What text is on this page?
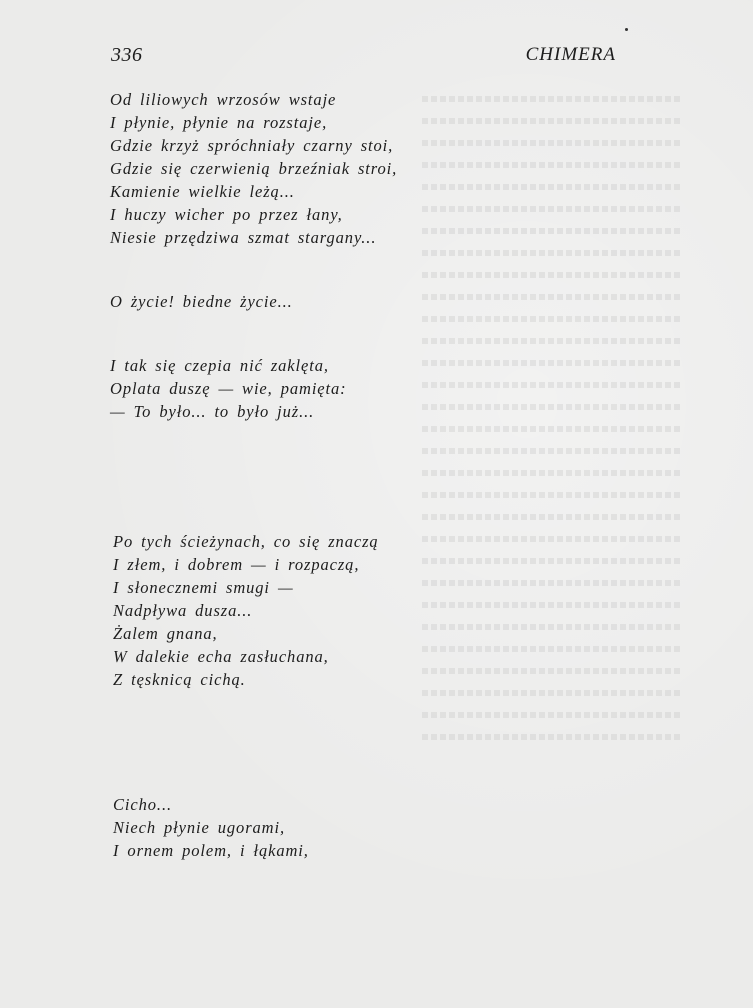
336	CHIMERA
Od liliowych wrzosów wstaje
I płynie, płynie na rozstaje,
Gdzie krzyż spróchniały czarny stoi,
Gdzie się czerwienią brzeźniak stroi,
Kamienie wielkie leżą...
I huczy wicher po przez łany,
Niesie przędziwa szmat stargany...
O życie! biedne życie...
I tak się czepia nić zaklęta,
Oplata duszę — wie, pamięta:
— To było... to było już...
Po tych ścieżynach, co się znaczą
I złem, i dobrem — i rozpaczą,
I słonecznemi smugi —
Nadpływa dusza...
Żalem gnana,
W dalekie echa zasłuchana,
Z tęsknicą cichą.
Cicho...
Niech płynie ugorami,
I ornem polem, i łąkami,
